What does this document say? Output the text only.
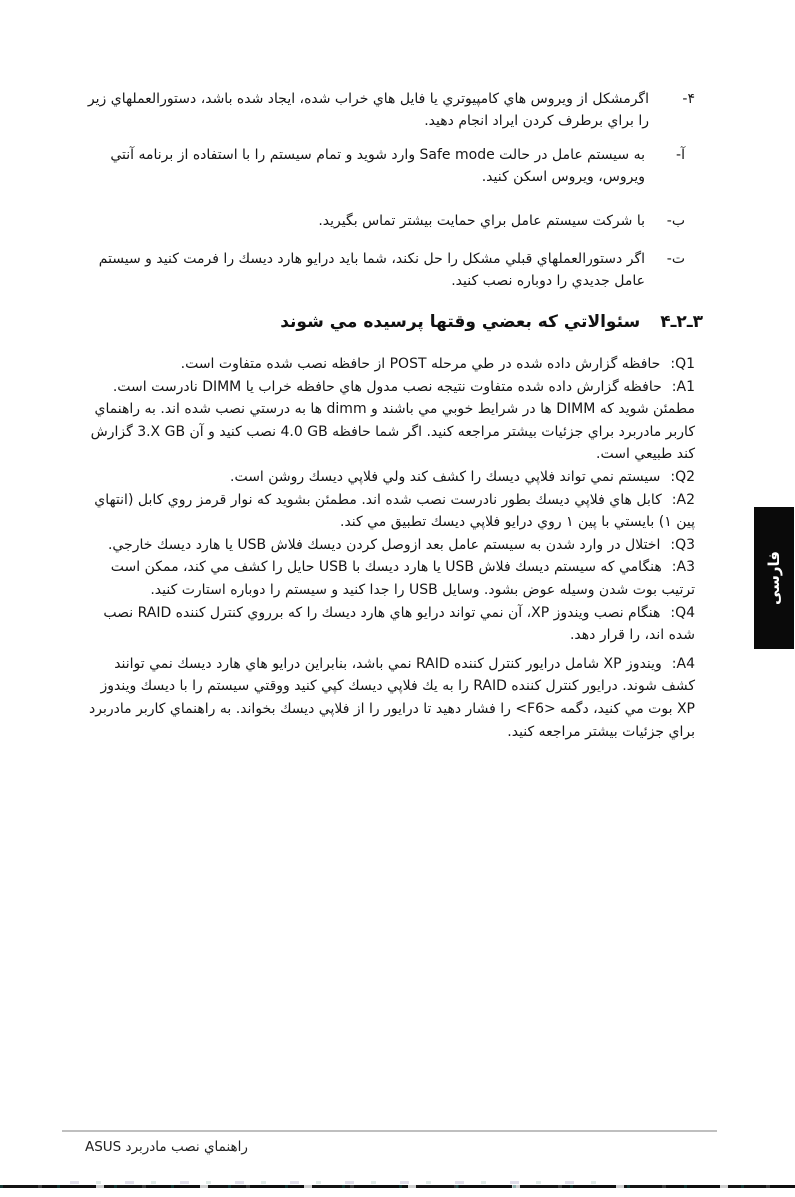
۴-
اگرمشكل از ويروس هاي كامپيوتري يا فايل هاي خراب شده، ايجاد شده باشد، دستورالعملهاي زير را براي برطرف كردن ايراد انجام دهيد.
آ-
به سيستم عامل در حالت Safe mode وارد شويد و تمام سيستم را با استفاده از برنامه آنتي ويروس، ويروس اسكن كنيد.
ب-
با شركت سيستم عامل براي حمايت بيشتر تماس بگيريد.
ت-
اگر دستورالعملهاي قبلي مشكل را حل نكند، شما بايد درايو هارد ديسك را فرمت كنيد و سيستم عامل جديدي را دوباره نصب كنيد.
۳ـ۲ـ۴
سئوالاتي كه بعضي وقتها پرسيده مي شوند

Q1:حافظه گزارش داده شده در طي مرحله POST از حافظه نصب شده متفاوت است.

A1:حافظه گزارش داده شده متفاوت نتيجه نصب مدول هاي حافظه خراب يا DIMM نادرست است. مطمئن شويد كه DIMM ها در شرايط خوبي مي باشند و dimm ها به درستي نصب شده اند. به راهنماي كاربر مادربرد براي جزئيات بيشتر مراجعه كنيد. اگر شما حافظه ⁦4.0 GB⁩ نصب كنيد و آن ⁦3.X GB⁩ گزارش كند طبيعي است.

Q2:سيستم نمي تواند فلاپي ديسك را كشف كند ولي فلاپي ديسك روشن است.

A2:كابل هاي فلاپي ديسك بطور نادرست نصب شده اند. مطمئن بشويد كه نوار قرمز روي كابل (انتهاي پين ۱) بايستي با پين ۱ روي درايو فلاپي ديسك تطبيق مي كند.

Q3:اختلال در وارد شدن به سيستم عامل بعد ازوصل كردن ديسك فلاش USB يا هارد ديسك خارجي.

A3:هنگامي كه سيستم ديسك فلاش USB يا هارد ديسك با USB حايل را كشف مي كند، ممكن است ترتيب بوت شدن وسيله عوض بشود. وسايل USB را جدا كنيد و سيستم را دوباره استارت كنيد.

Q4:هنگام نصب ويندوز XP، آن نمي تواند درايو هاي هارد ديسك را كه برروي كنترل كننده RAID نصب شده اند، را قرار دهد.

A4:ويندوز XP شامل درايور كنترل كننده RAID نمي باشد، بنابراين درايو هاي هارد ديسك نمي توانند كشف شوند. درايور كنترل كننده RAID را به يك فلاپي ديسك كپي كنيد ووقتي سيستم را با ديسك ويندوز XP بوت مي كنيد، دگمه ⁦<F6>⁩ را فشار دهيد تا درايور را از فلاپي ديسك بخواند. به راهنماي كاربر مادربرد براي جزئيات بيشتر مراجعه كنيد.

فارسی
راهنماي نصب مادربرد ASUS
